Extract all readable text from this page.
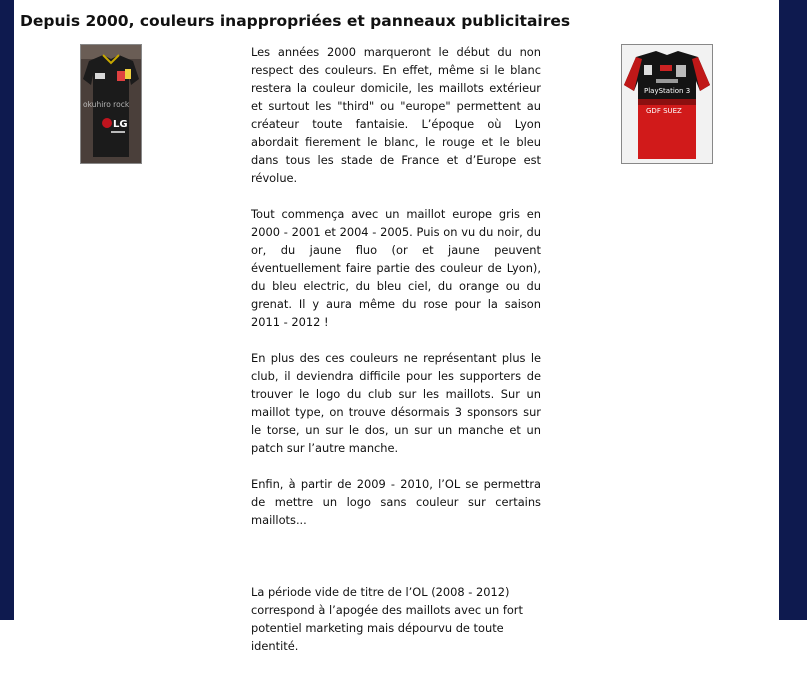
Depuis 2000, couleurs inappropriées et panneaux publicitaires
okuhiro rock
LG
PlayStation 3
GDF SUEZ

Les années 2000 marqueront le début du non respect des couleurs. En effet, même si le blanc restera la couleur domicile, les maillots extérieur et surtout les "third" ou "europe" permettent au créateur toute fantaisie. L’époque où Lyon abordait fierement le blanc, le rouge et le bleu dans tous les stade de France et d’Europe est révolue.

Tout commença avec un maillot europe gris en 2000 - 2001 et 2004 - 2005. Puis on vu du noir, du or, du jaune fluo (or et jaune peuvent éventuellement faire partie des couleur de Lyon), du bleu electric, du bleu ciel, du orange ou du grenat. Il y aura même du rose pour la saison 2011 - 2012 !

En plus des ces couleurs ne représentant plus le club, il deviendra difficile pour les supporters de trouver le logo du club sur les maillots. Sur un maillot type, on trouve désormais 3 sponsors sur le torse, un sur le dos, un sur un manche et un patch sur l’autre manche.

Enfin, à partir de 2009 - 2010, l’OL se permettra de mettre un logo sans couleur sur certains maillots...

La période vide de titre de l’OL (2008 - 2012) correspond à l’apogée des maillots avec un fort potentiel marketing mais dépourvu de toute identité.
